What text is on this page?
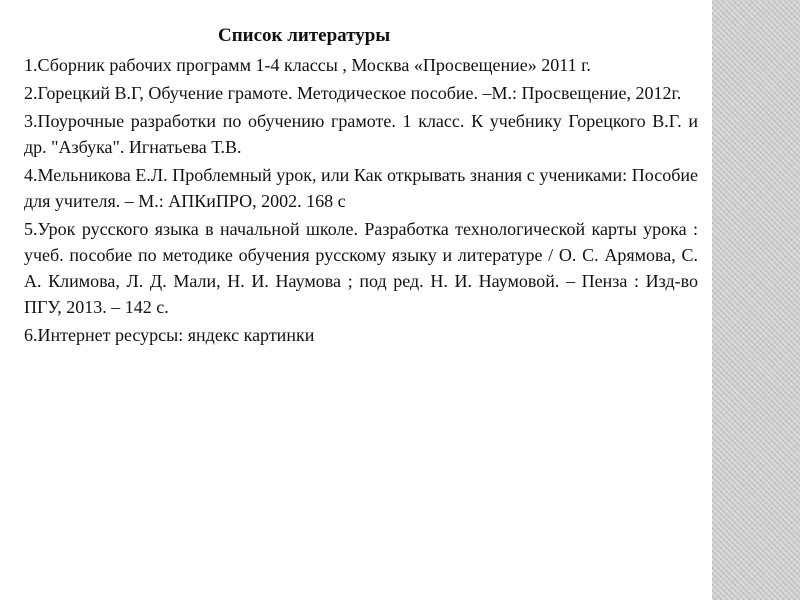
Список литературы
1.Сборник рабочих программ 1-4 классы , Москва «Просвещение» 2011 г.
2.Горецкий В.Г, Обучение грамоте. Методическое пособие. –М.: Просвещение, 2012г.
3.Поурочные разработки по обучению грамоте. 1 класс. К учебнику Горецкого В.Г. и др. "Азбука". Игнатьева Т.В.
4.Мельникова Е.Л. Проблемный урок, или Как открывать знания с учениками: Пособие для учителя. – М.: АПКиПРО, 2002. 168 с
5.Урок русского языка в начальной школе. Разработка технологической карты урока : учеб. пособие по методике обучения русскому языку и литературе / О. С. Арямова, С. А. Климова, Л. Д. Мали, Н. И. Наумова ; под ред. Н. И. Наумовой. – Пенза : Изд-во ПГУ, 2013. – 142 с.
6.Интернет ресурсы: яндекс картинки
